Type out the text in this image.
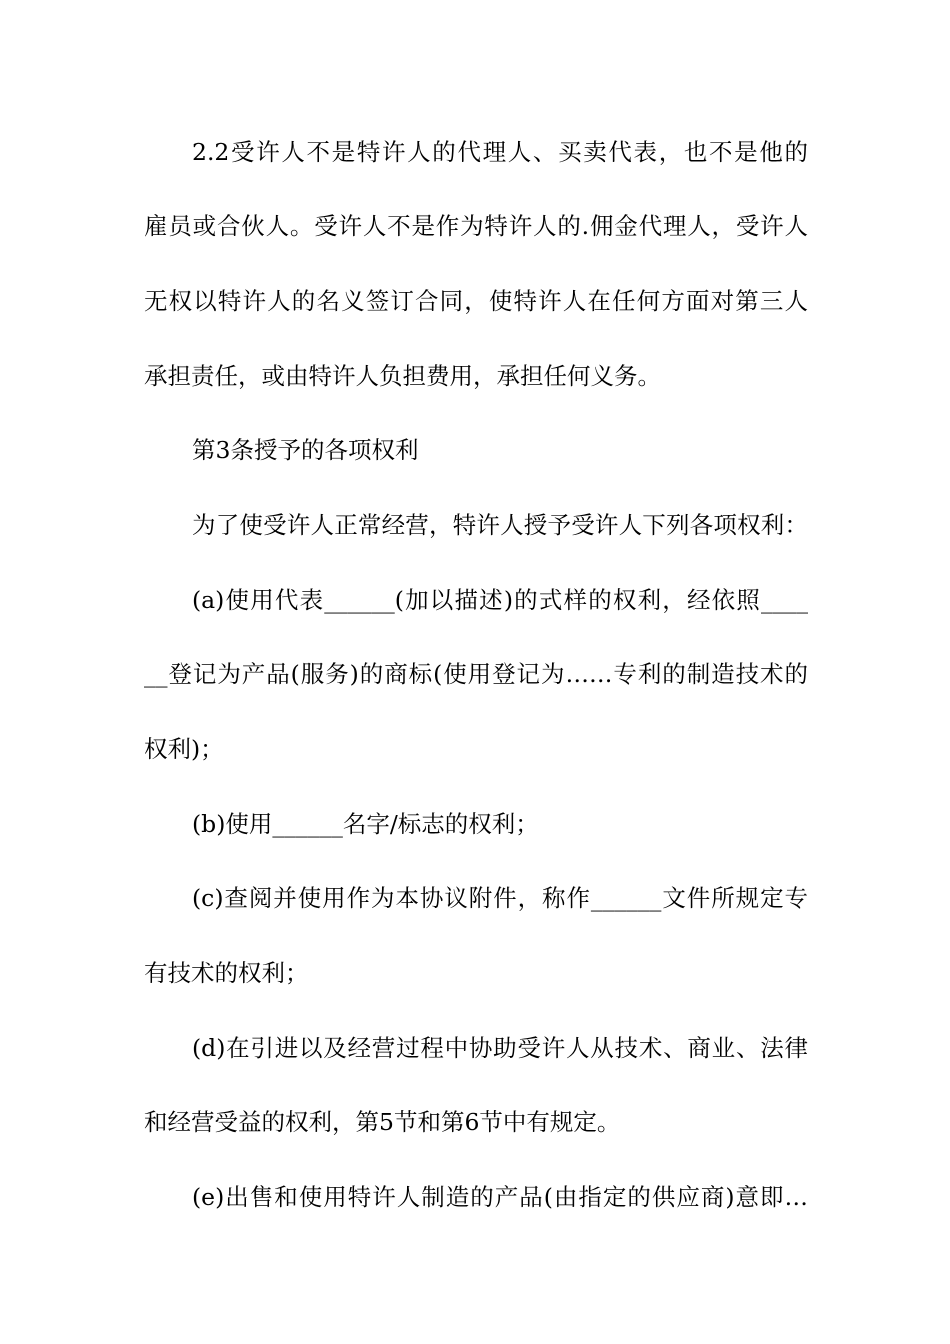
2.2受许人不是特许人的代理人、买卖代表，也不是他的
雇员或合伙人。受许人不是作为特许人的.佣金代理人，受许人
无权以特许人的名义签订合同，使特许人在任何方面对第三人
承担责任，或由特许人负担费用，承担任何义务。
第3条授予的各项权利
为了使受许人正常经营，特许人授予受许人下列各项权利：
(a)使用代表______(加以描述)的式样的权利，经依照____
__登记为产品(服务)的商标(使用登记为……专利的制造技术的
权利)；
(b)使用______名字/标志的权利；
(c)查阅并使用作为本协议附件，称作______文件所规定专
有技术的权利；
(d)在引进以及经营过程中协助受许人从技术、商业、法律
和经营受益的权利，第5节和第6节中有规定。
(e)出售和使用特许人制造的产品(由指定的供应商)意即…
